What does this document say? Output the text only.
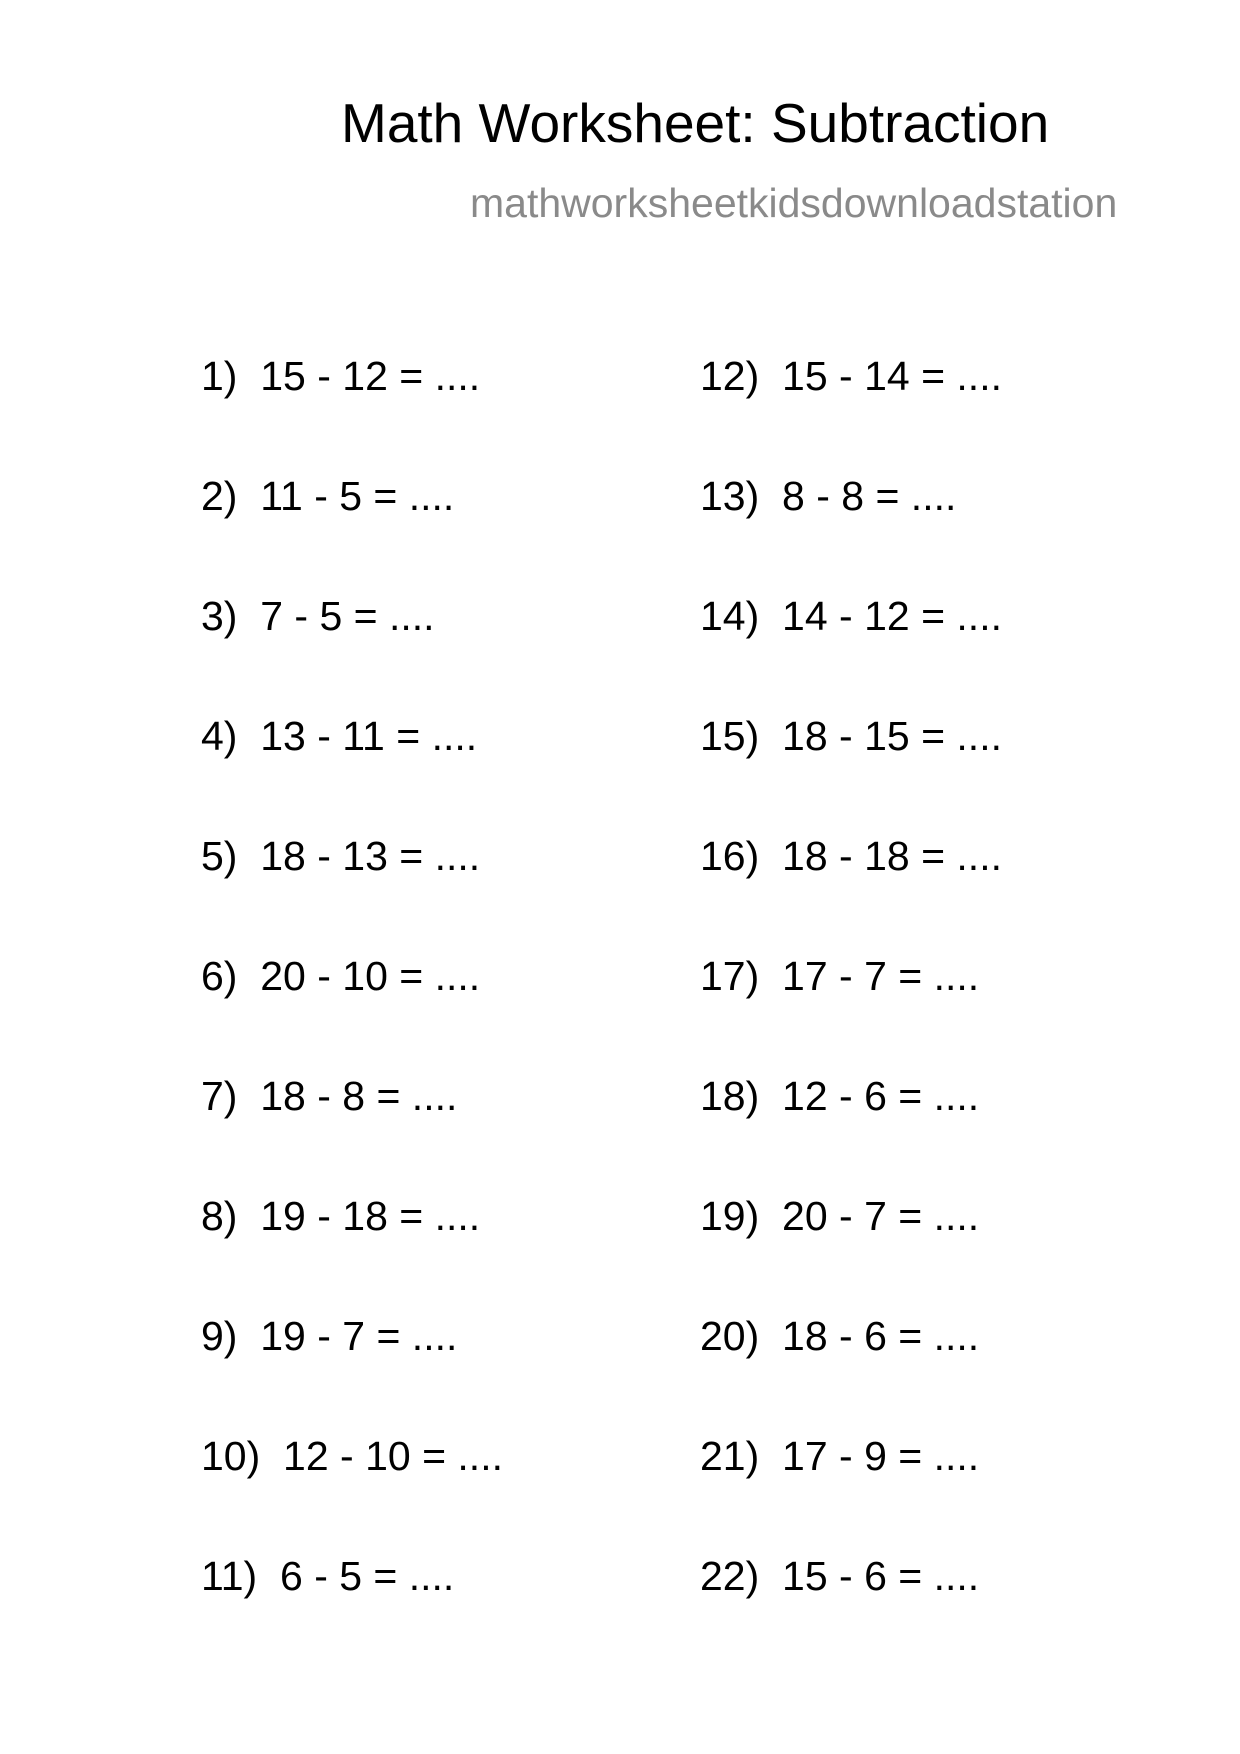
Math Worksheet: Subtraction
mathworksheetkidsdownloadstation
1)  15 - 12 = ....
2)  11 - 5 = ....
3)  7 - 5 = ....
4)  13 - 11 = ....
5)  18 - 13 = ....
6)  20 - 10 = ....
7)  18 - 8 = ....
8)  19 - 18 = ....
9)  19 - 7 = ....
10)  12 - 10 = ....
11)  6 - 5 = ....
12)  15 - 14 = ....
13)  8 - 8 = ....
14)  14 - 12 = ....
15)  18 - 15 = ....
16)  18 - 18 = ....
17)  17 - 7 = ....
18)  12 - 6 = ....
19)  20 - 7 = ....
20)  18 - 6 = ....
21)  17 - 9 = ....
22)  15 - 6 = ....
